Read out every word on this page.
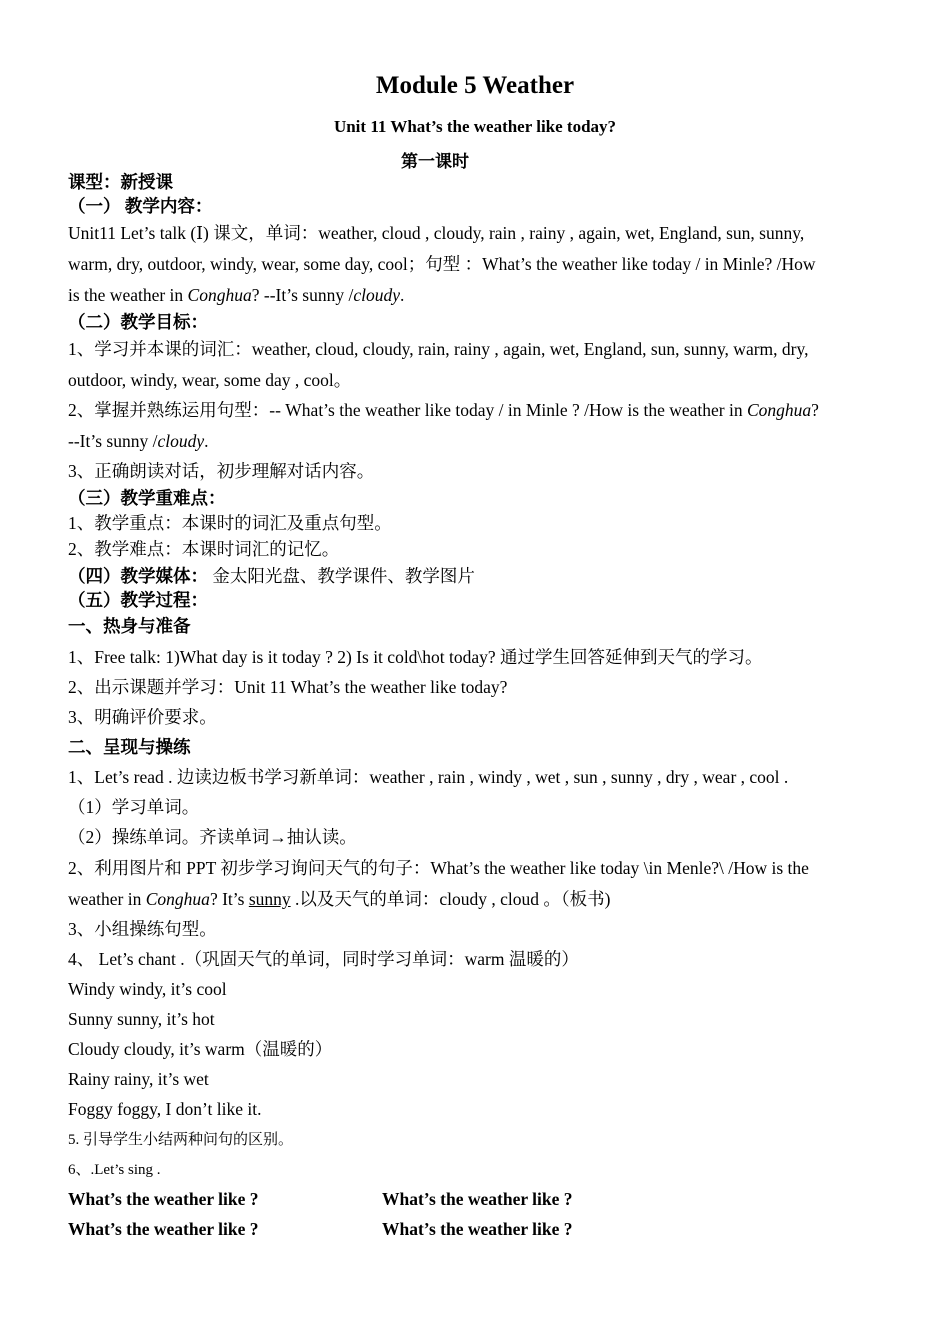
Module 5 Weather
Unit 11 What’s the weather like today?
第一课时
课型：新授课
（一） 教学内容：
Unit11 Let’s talk (Ⅰ) 课文，单词：weather, cloud , cloudy, rain , rainy , again, wet, England, sun, sunny,
warm, dry, outdoor, windy, wear, some day, cool；句型 ：What’s the weather like today / in Minle? /How
is the weather in Conghua? --It’s sunny /cloudy.
（二）教学目标：
1、学习并本课的词汇：weather, cloud, cloudy, rain, rainy , again, wet, England, sun, sunny, warm, dry,
outdoor, windy, wear, some day , cool。
2、掌握并熟练运用句型：-- What’s the weather like today / in Minle ? /How is the weather in Conghua?
--It’s sunny /cloudy.
3、正确朗读对话，初步理解对话内容。
（三）教学重难点：
1、教学重点：本课时的词汇及重点句型。
2、教学难点：本课时词汇的记忆。
（四）教学媒体： 金太阳光盘、教学课件、教学图片
（五）教学过程：
一、热身与准备
1、Free talk: 1)What day is it today ? 2) Is it cold\hot today? 通过学生回答延伸到天气的学习。
2、出示课题并学习：Unit 11 What’s the weather like today?
3、明确评价要求。
二、呈现与操练
1、Let’s read . 边读边板书学习新单词：weather , rain , windy , wet , sun , sunny , dry , wear , cool .
（1）学习单词。
（2）操练单词。齐读单词→抽认读。
2、利用图片和 PPT 初步学习询问天气的句子：What’s the weather like today \in Menle?\ /How is the
weather in Conghua? It’s sunny .以及天气的单词：cloudy , cloud 。（板书)
3、小组操练句型。
4、 Let’s chant .（巩固天气的单词，同时学习单词：warm 温暖的）
Windy windy, it’s cool
Sunny sunny, it’s hot
Cloudy cloudy, it’s warm（温暖的）
Rainy rainy, it’s wet
Foggy foggy, I don’t like it.
5. 引导学生小结两种问句的区别。
6、.Let’s sing .
What’s the weather like ?	What’s the weather like ?
What’s the weather like ?	What’s the weather like ?
